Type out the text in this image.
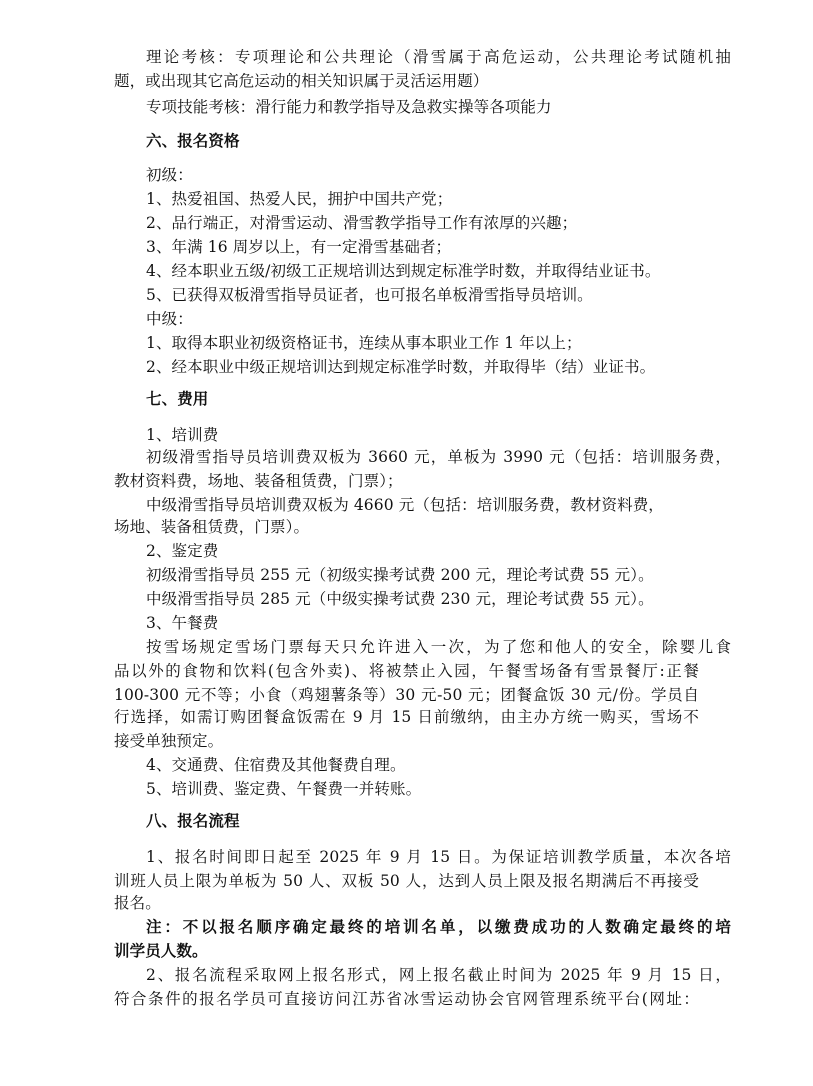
理论考核：专项理论和公共理论（滑雪属于高危运动，公共理论考试随机抽
题，或出现其它高危运动的相关知识属于灵活运用题）
专项技能考核：滑行能力和教学指导及急救实操等各项能力
六、报名资格
初级：
1、热爱祖国、热爱人民，拥护中国共产党；
2、品行端正，对滑雪运动、滑雪教学指导工作有浓厚的兴趣；
3、年满 16 周岁以上，有一定滑雪基础者；
4、经本职业五级/初级工正规培训达到规定标准学时数，并取得结业证书。
5、已获得双板滑雪指导员证者，也可报名单板滑雪指导员培训。
中级：
1、取得本职业初级资格证书，连续从事本职业工作 1 年以上；
2、经本职业中级正规培训达到规定标准学时数，并取得毕（结）业证书。
七、费用
1、培训费
初级滑雪指导员培训费双板为 3660 元，单板为 3990 元（包括：培训服务费，
教材资料费，场地、装备租赁费，门票）；
中级滑雪指导员培训费双板为 4660 元（包括：培训服务费，教材资料费，
场地、装备租赁费，门票）。
2、鉴定费
初级滑雪指导员 255 元（初级实操考试费 200 元，理论考试费 55 元）。
中级滑雪指导员 285 元（中级实操考试费 230 元，理论考试费 55 元）。
3、午餐费
按雪场规定雪场门票每天只允许进入一次，为了您和他人的安全，除婴儿食
品以外的食物和饮料(包含外卖)、将被禁止入园，午餐雪场备有雪景餐厅:正餐
100-300 元不等；小食（鸡翅薯条等）30 元-50 元；团餐盒饭 30 元/份。学员自
行选择，如需订购团餐盒饭需在 9 月 15 日前缴纳，由主办方统一购买，雪场不
接受单独预定。
4、交通费、住宿费及其他餐费自理。
5、培训费、鉴定费、午餐费一并转账。
八、报名流程
1、报名时间即日起至 2025 年 9 月 15 日。为保证培训教学质量，本次各培
训班人员上限为单板为 50 人、双板 50 人，达到人员上限及报名期满后不再接受
报名。
注：不以报名顺序确定最终的培训名单，以缴费成功的人数确定最终的培
训学员人数。
2、报名流程采取网上报名形式，网上报名截止时间为 2025 年 9 月 15 日，
符合条件的报名学员可直接访问江苏省冰雪运动协会官网管理系统平台(网址：
